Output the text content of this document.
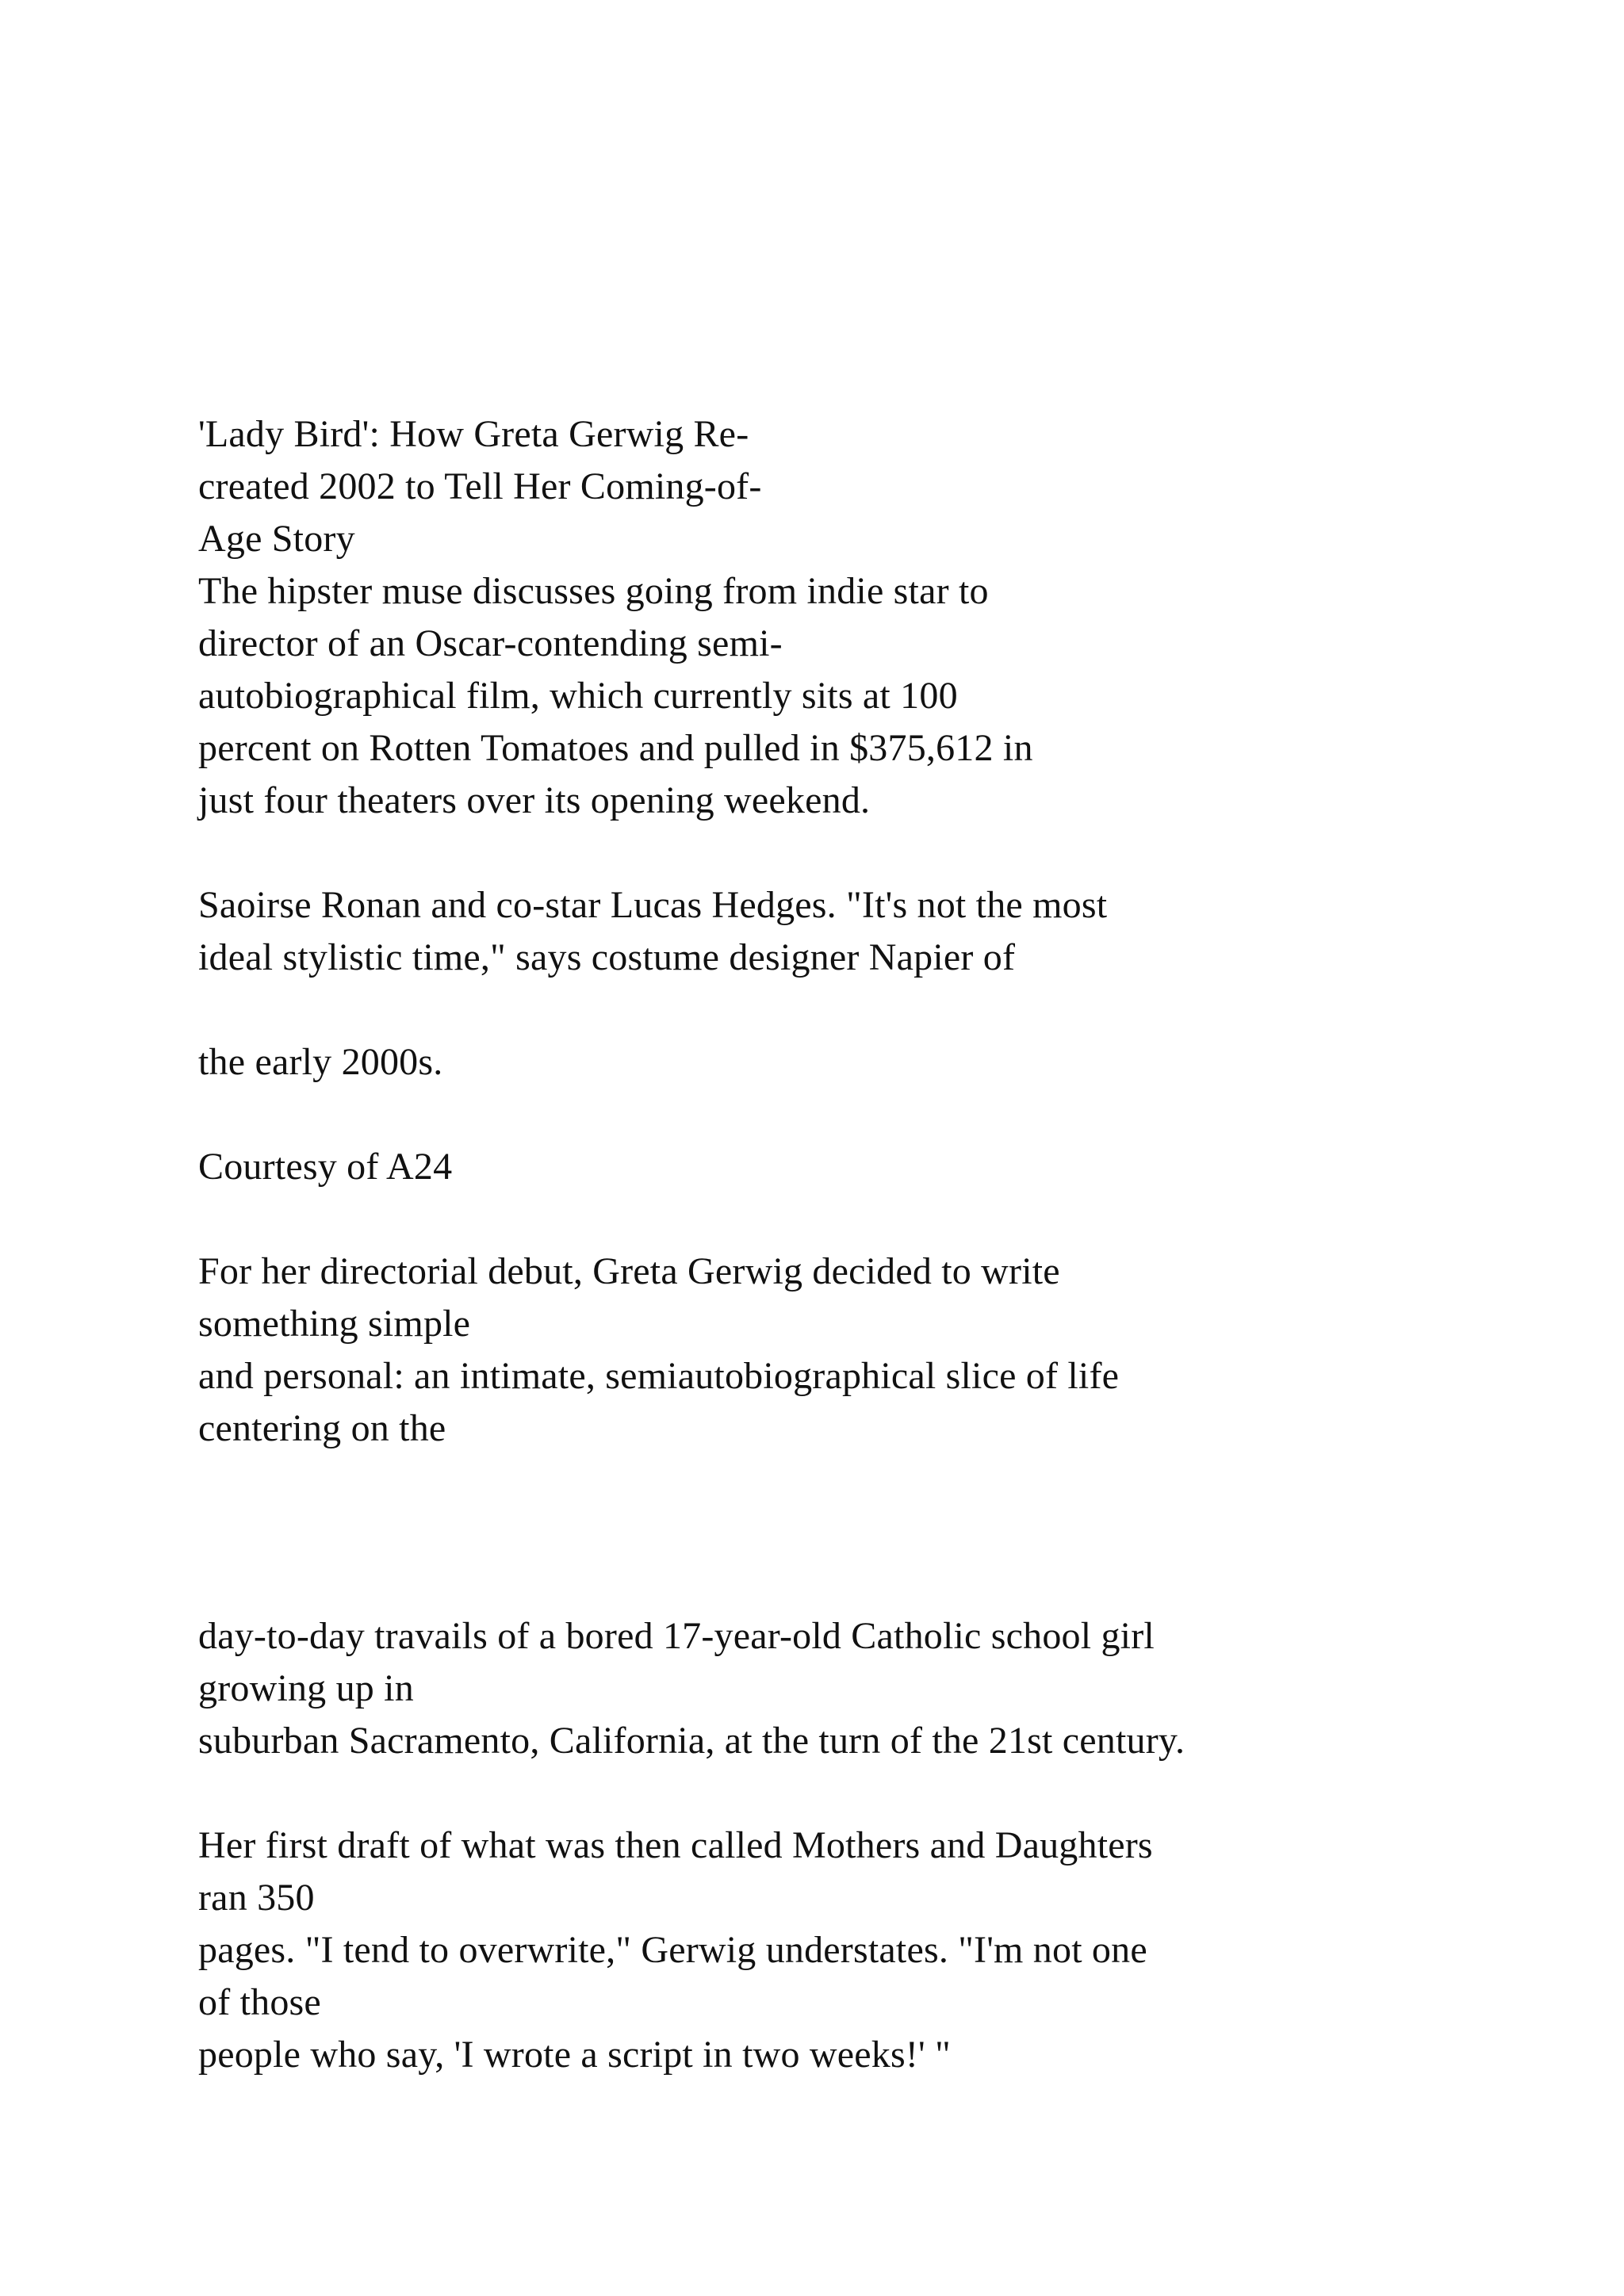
'Lady Bird': How Greta Gerwig Re-
created 2002 to Tell Her Coming-of-
Age Story
The hipster muse discusses going from indie star to
director of an Oscar-contending semi-
autobiographical film, which currently sits at 100
percent on Rotten Tomatoes and pulled in $375,612 in
just four theaters over its opening weekend.
Saoirse Ronan and co-star Lucas Hedges. "It's not the most
ideal stylistic time," says costume designer Napier of
the early 2000s.
Courtesy of A24
For her directorial debut, Greta Gerwig decided to write
something simple
and personal: an intimate, semiautobiographical slice of life
centering on the
day-to-day travails of a bored 17-year-old Catholic school girl
growing up in
suburban Sacramento, California, at the turn of the 21st century.
Her first draft of what was then called Mothers and Daughters
ran 350
pages. "I tend to overwrite," Gerwig understates. "I'm not one
of those
people who say, 'I wrote a script in two weeks!' "
